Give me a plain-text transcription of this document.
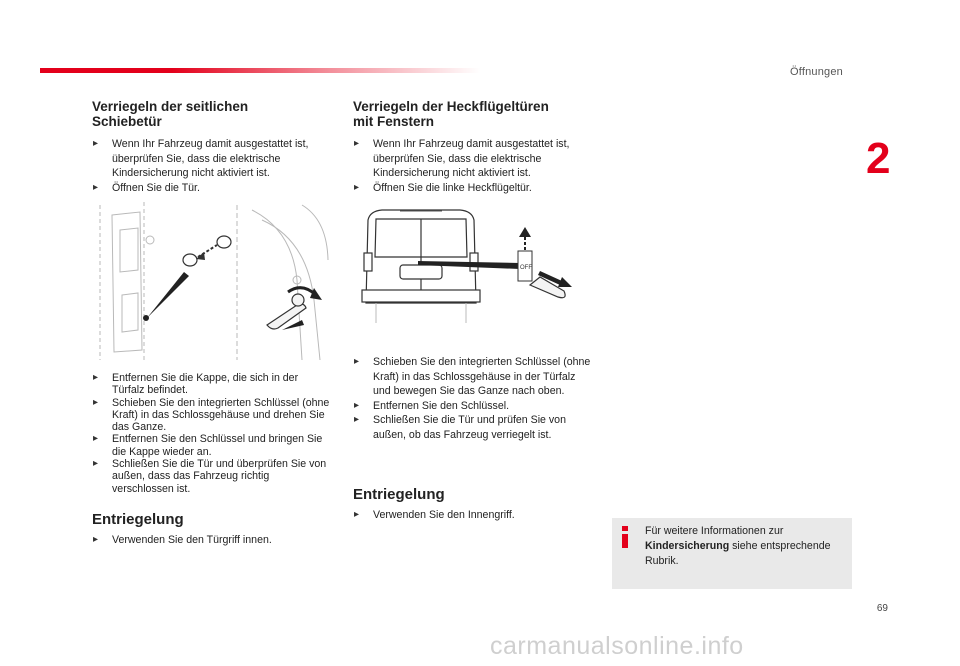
Öffnungen
2
Verriegeln der seitlichen
Schiebetür
▸ Wenn Ihr Fahrzeug damit ausgestattet ist, überprüfen Sie, dass die elektrische Kindersicherung nicht aktiviert ist.
▸ Öffnen Sie die Tür.
▸ Entfernen Sie die Kappe, die sich in der Türfalz befindet.
▸ Schieben Sie den integrierten Schlüssel (ohne Kraft) in das Schlossgehäuse und drehen Sie das Ganze.
▸ Entfernen Sie den Schlüssel und bringen Sie die Kappe wieder an.
▸ Schließen Sie die Tür und überprüfen Sie von außen, dass das Fahrzeug richtig verschlossen ist.
Entriegelung
▸ Verwenden Sie den Türgriff innen.
Verriegeln der Heckflügeltüren
mit Fenstern
▸ Wenn Ihr Fahrzeug damit ausgestattet ist, überprüfen Sie, dass die elektrische Kindersicherung nicht aktiviert ist.
▸ Öffnen Sie die linke Heckflügeltür.
OFF
▸ Schieben Sie den integrierten Schlüssel (ohne Kraft) in das Schlossgehäuse in der Türfalz und bewegen Sie das Ganze nach oben.
▸ Entfernen Sie den Schlüssel.
▸ Schließen Sie die Tür und prüfen Sie von außen, ob das Fahrzeug verriegelt ist.
Entriegelung
▸ Verwenden Sie den Innengriff.
Für weitere Informationen zur Kindersicherung siehe entsprechende Rubrik.
69
carmanualsonline.info
